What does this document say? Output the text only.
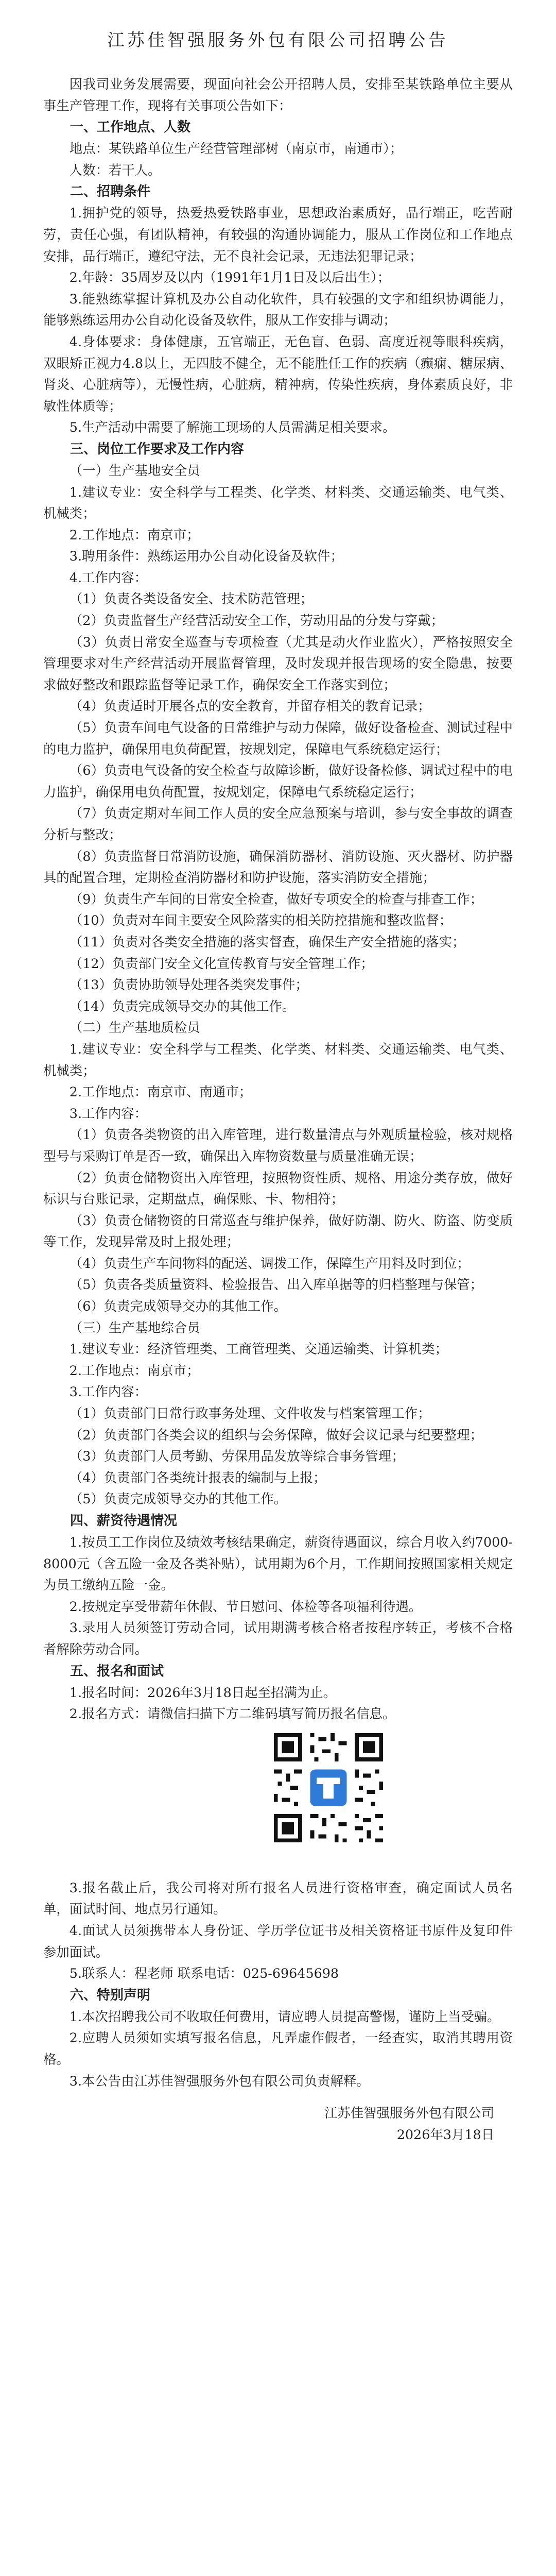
江苏佳智强服务外包有限公司招聘公告

因我司业务发展需要，现面向社会公开招聘人员，安排至某铁路单位主要从事生产管理工作，现将有关事项公告如下：

一、工作地点、人数

地点：某铁路单位生产经营管理部树（南京市，南通市）；

人数：若干人。

二、招聘条件

1.拥护党的领导，热爱热爱铁路事业，思想政治素质好，品行端正，吃苦耐劳，责任心强，有团队精神，有较强的沟通协调能力，服从工作岗位和工作地点安排，品行端正，遵纪守法，无不良社会记录，无违法犯罪记录；

2.年龄：35周岁及以内（1991年1月1日及以后出生）；

3.能熟练掌握计算机及办公自动化软件，具有较强的文字和组织协调能力，能够熟练运用办公自动化设备及软件，服从工作安排与调动；

4.身体要求：身体健康，五官端正，无色盲、色弱、高度近视等眼科疾病，双眼矫正视力4.8以上，无四肢不健全，无不能胜任工作的疾病（癫痫、糖尿病、肾炎、心脏病等），无慢性病，心脏病，精神病，传染性疾病，身体素质良好，非敏性体质等；

5.生产活动中需要了解施工现场的人员需满足相关要求。

三、岗位工作要求及工作内容

（一）生产基地安全员

1.建议专业：安全科学与工程类、化学类、材料类、交通运输类、电气类、机械类；

2.工作地点：南京市；

3.聘用条件：熟练运用办公自动化设备及软件；

4.工作内容：

（1）负责各类设备安全、技术防范管理；

（2）负责监督生产经营活动安全工作，劳动用品的分发与穿戴；

（3）负责日常安全巡查与专项检查（尤其是动火作业监火），严格按照安全管理要求对生产经营活动开展监督管理，及时发现并报告现场的安全隐患，按要求做好整改和跟踪监督等记录工作，确保安全工作落实到位；

（4）负责适时开展各点的安全教育，并留存相关的教育记录；

（5）负责车间电气设备的日常维护与动力保障，做好设备检查、测试过程中的电力监护，确保用电负荷配置，按规划定，保障电气系统稳定运行；

（6）负责电气设备的安全检查与故障诊断，做好设备检修、调试过程中的电力监护，确保用电负荷配置，按规划定，保障电气系统稳定运行；

（7）负责定期对车间工作人员的安全应急预案与培训，参与安全事故的调查分析与整改；

（8）负责监督日常消防设施，确保消防器材、消防设施、灭火器材、防护器具的配置合理，定期检查消防器材和防护设施，落实消防安全措施；

（9）负责生产车间的日常安全检查，做好专项安全的检查与排查工作；

（10）负责对车间主要安全风险落实的相关防控措施和整改监督；

（11）负责对各类安全措施的落实督查，确保生产安全措施的落实；

（12）负责部门安全文化宣传教育与安全管理工作；

（13）负责协助领导处理各类突发事件；

（14）负责完成领导交办的其他工作。

（二）生产基地质检员

1.建议专业：安全科学与工程类、化学类、材料类、交通运输类、电气类、机械类；

2.工作地点：南京市、南通市；

3.工作内容：

（1）负责各类物资的出入库管理，进行数量清点与外观质量检验，核对规格型号与采购订单是否一致，确保出入库物资数量与质量准确无误；

（2）负责仓储物资出入库管理，按照物资性质、规格、用途分类存放，做好标识与台账记录，定期盘点，确保账、卡、物相符；

（3）负责仓储物资的日常巡查与维护保养，做好防潮、防火、防盗、防变质等工作，发现异常及时上报处理；

（4）负责生产车间物料的配送、调拨工作，保障生产用料及时到位；

（5）负责各类质量资料、检验报告、出入库单据等的归档整理与保管；

（6）负责完成领导交办的其他工作。

（三）生产基地综合员

1.建议专业：经济管理类、工商管理类、交通运输类、计算机类；

2.工作地点：南京市；

3.工作内容：

（1）负责部门日常行政事务处理、文件收发与档案管理工作；

（2）负责部门各类会议的组织与会务保障，做好会议记录与纪要整理；

（3）负责部门人员考勤、劳保用品发放等综合事务管理；

（4）负责部门各类统计报表的编制与上报；

（5）负责完成领导交办的其他工作。

四、薪资待遇情况

1.按员工工作岗位及绩效考核结果确定，薪资待遇面议，综合月收入约7000-8000元（含五险一金及各类补贴），试用期为6个月，工作期间按照国家相关规定为员工缴纳五险一金。

2.按规定享受带薪年休假、节日慰问、体检等各项福利待遇。

3.录用人员须签订劳动合同，试用期满考核合格者按程序转正，考核不合格者解除劳动合同。

五、报名和面试

1.报名时间：2026年3月18日起至招满为止。

2.报名方式：请微信扫描下方二维码填写简历报名信息。

3.报名截止后，我公司将对所有报名人员进行资格审查，确定面试人员名单，面试时间、地点另行通知。

4.面试人员须携带本人身份证、学历学位证书及相关资格证书原件及复印件参加面试。

5.联系人：程老师 联系电话：025-69645698

六、特别声明

1.本次招聘我公司不收取任何费用，请应聘人员提高警惕，谨防上当受骗。

2.应聘人员须如实填写报名信息，凡弄虚作假者，一经查实，取消其聘用资格。

3.本公告由江苏佳智强服务外包有限公司负责解释。

江苏佳智强服务外包有限公司

2026年3月18日
